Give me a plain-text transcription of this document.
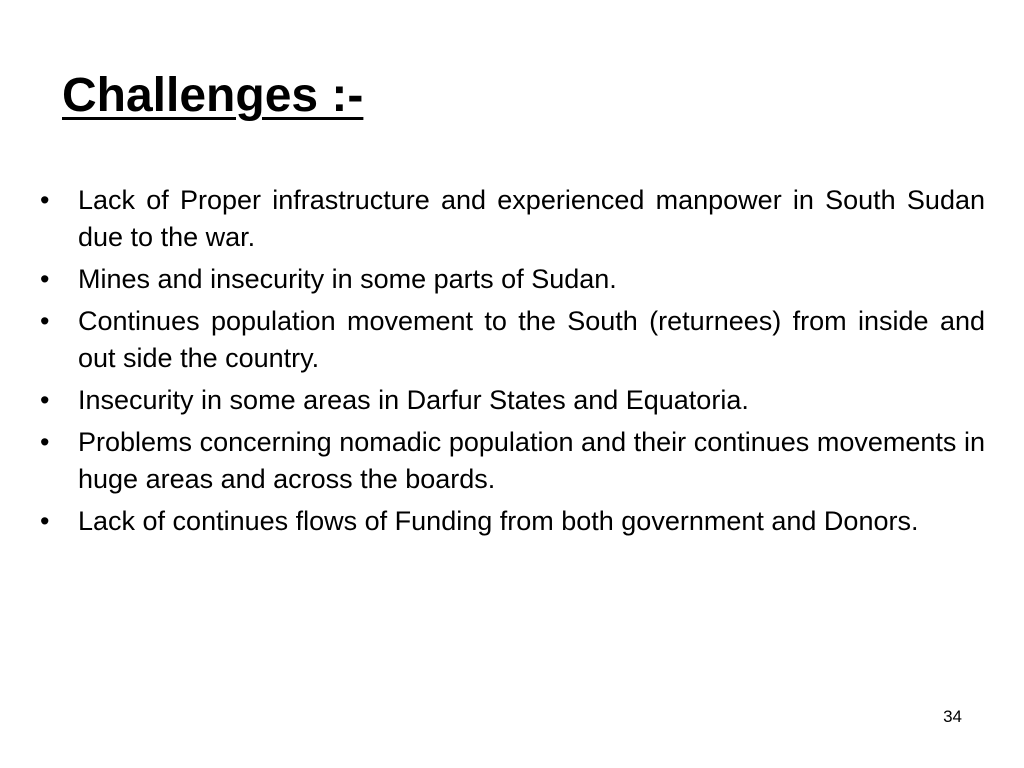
Challenges :-
•	Lack of Proper infrastructure and experienced manpower in South Sudan due to the war.
•	Mines and insecurity in some parts of Sudan.
•	Continues population movement to the South (returnees) from inside and out side the country.
•	Insecurity in some areas in Darfur States and Equatoria.
•	Problems concerning nomadic population and their continues movements in huge areas and across the boards.
•	Lack of continues flows of Funding from both government and Donors.
34
